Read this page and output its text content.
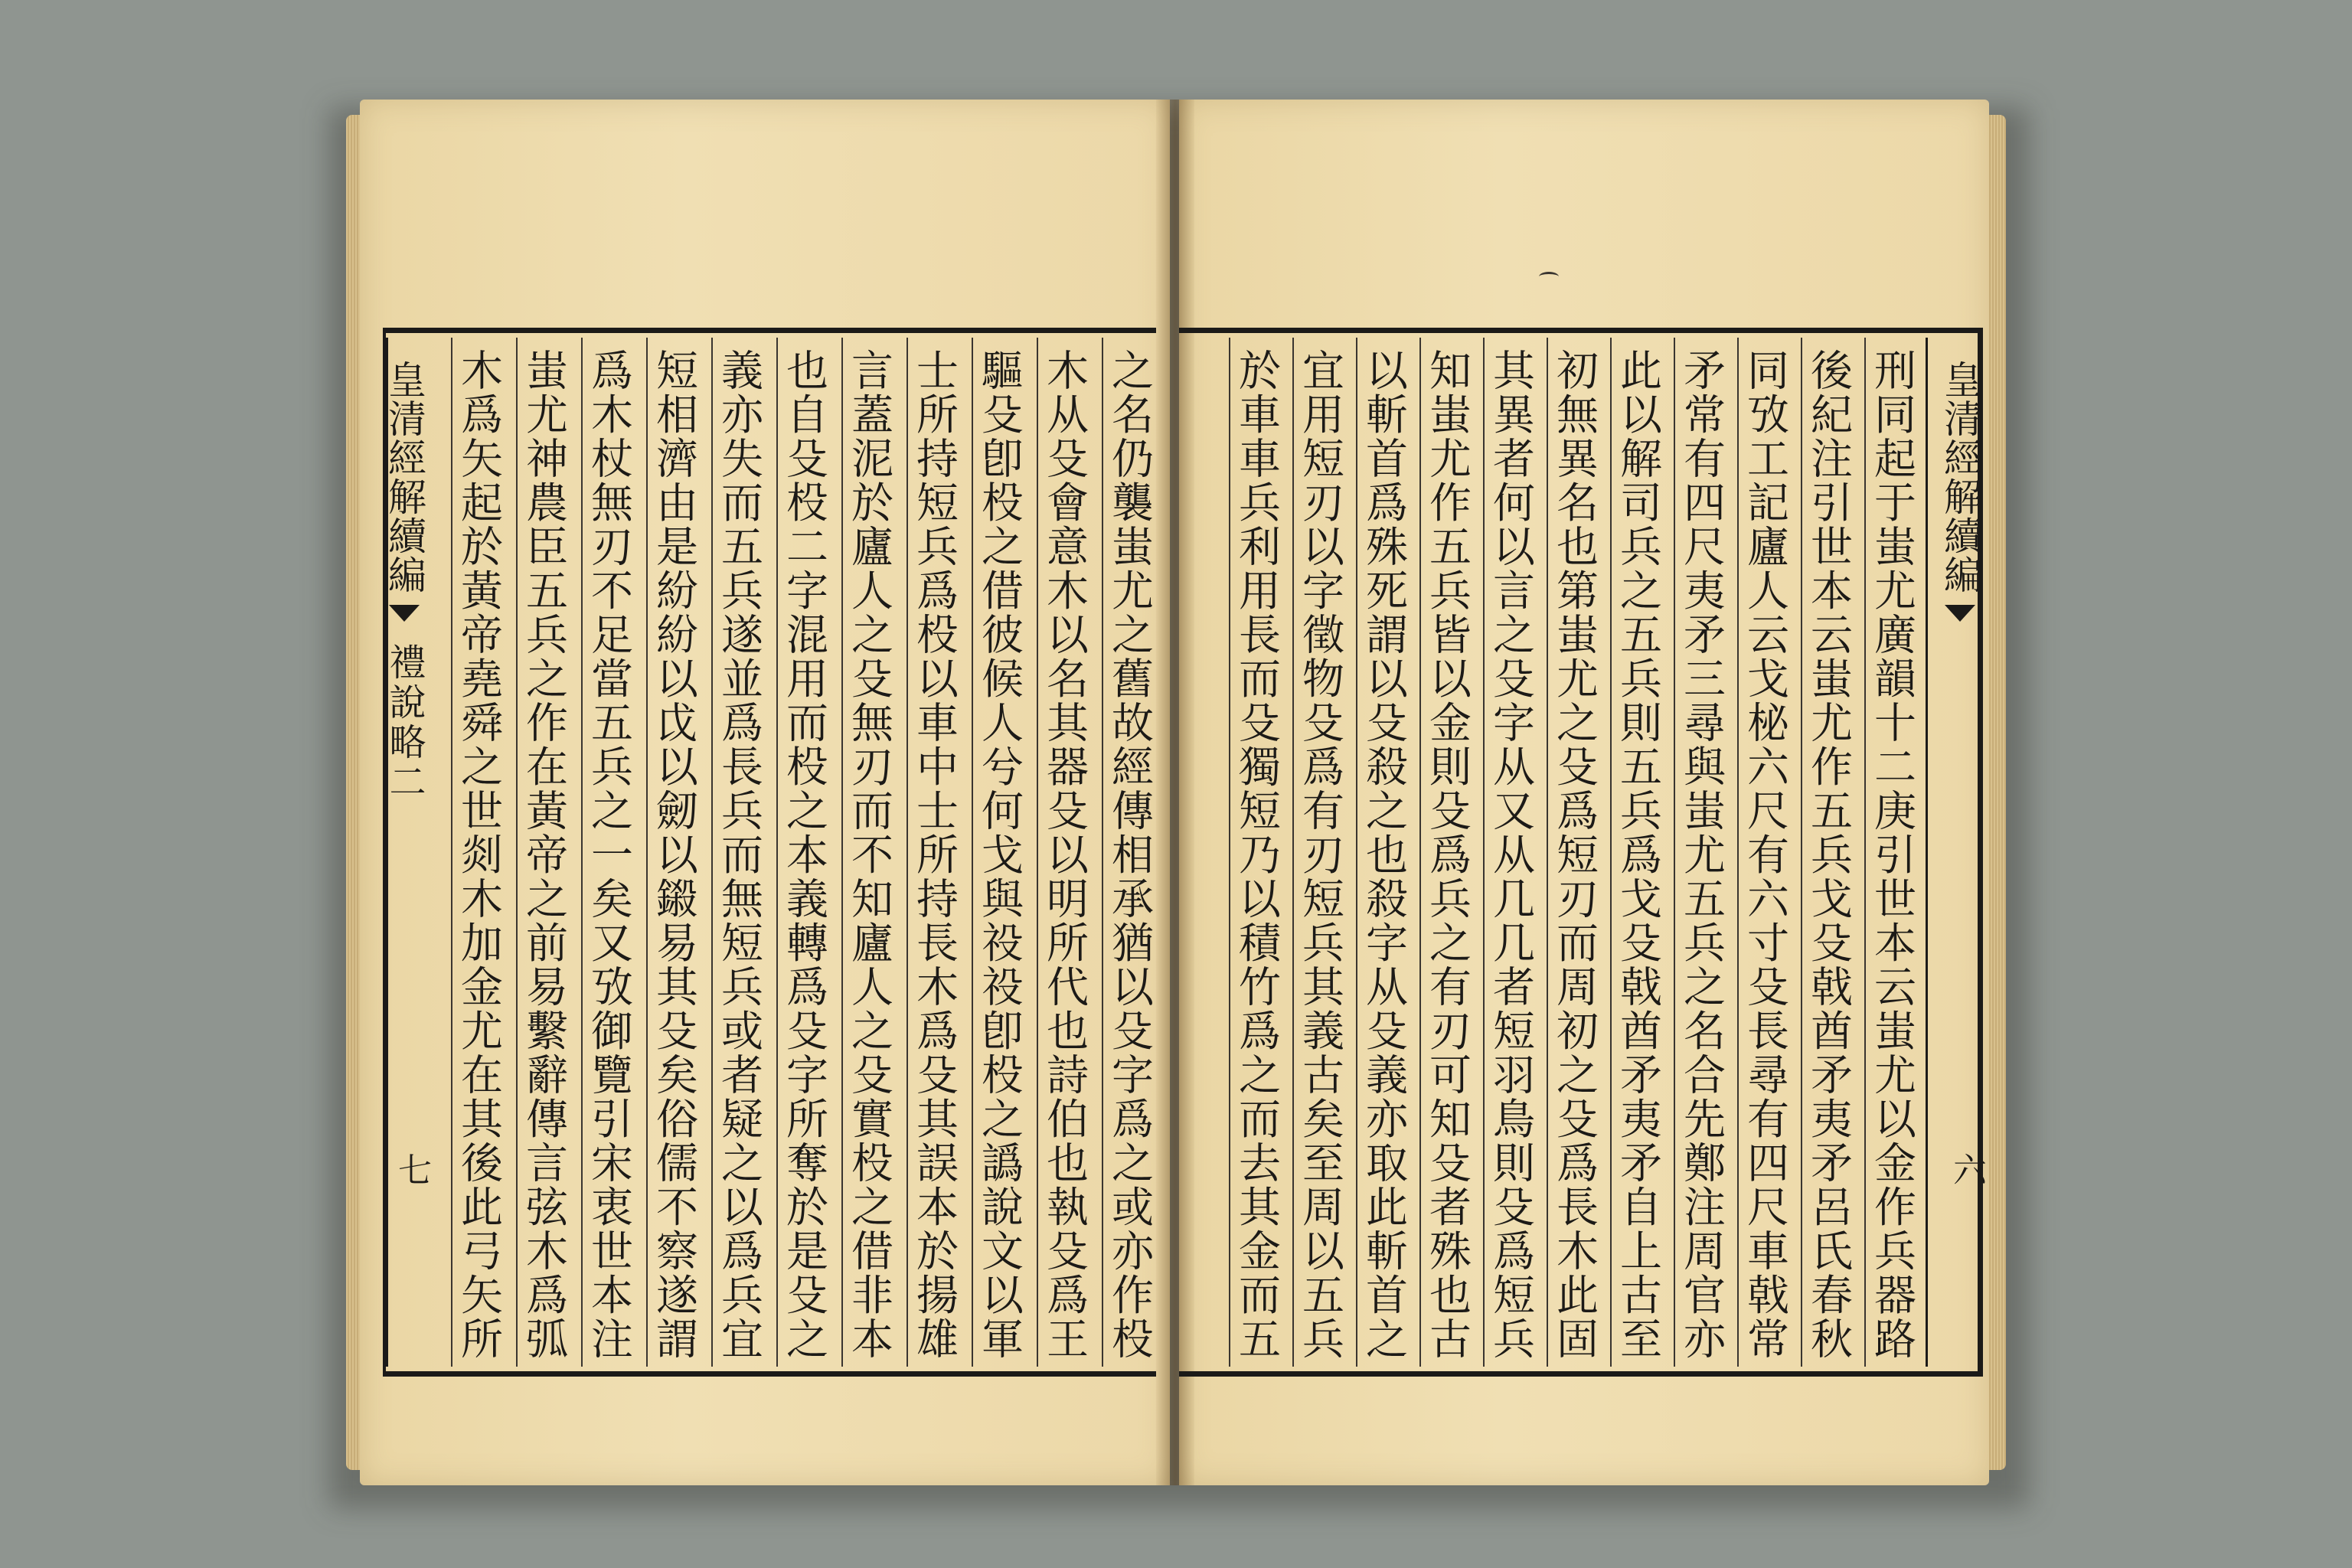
之名仍襲蚩尤之舊故經傳相承猶以殳字爲之或亦作杸
木从殳會意木以名其器殳以明所代也詩伯也執殳爲王
驅殳卽杸之借彼候人兮何戈與祋祋卽杸之譌說文以軍
士所持短兵爲杸以車中士所持長木爲殳其誤本於揚雄
言蓋泥於廬人之殳無刃而不知廬人之殳實杸之借非本
也自殳杸二字混用而杸之本義轉爲殳字所奪於是殳之
義亦失而五兵遂並爲長兵而無短兵或者疑之以爲兵宜
短相濟由是紛紛以戉以劒以鎩易其殳矣俗儒不察遂謂
爲木杖無刃不足當五兵之一矣又攷御覽引宋衷世本注
蚩尤神農臣五兵之作在黃帝之前易繫辭傳言弦木爲弧
木爲矢起於黃帝堯舜之世剡木加金尤在其後此弓矢所
皇清經解續編
禮說略二
七
刑同起于蚩尤廣韻十二庚引世本云蚩尤以金作兵器路
後紀注引世本云蚩尤作五兵戈殳戟酋矛夷矛呂氏春秋
同攷工記廬人云戈柲六尺有六寸殳長尋有四尺車戟常
矛常有四尺夷矛三尋與蚩尤五兵之名合先鄭注周官亦
此以解司兵之五兵則五兵爲戈殳戟酋矛夷矛自上古至
初無異名也第蚩尤之殳爲短刃而周初之殳爲長木此固
其異者何以言之殳字从又从几几者短羽鳥則殳爲短兵
知蚩尤作五兵皆以金則殳爲兵之有刃可知殳者殊也古
以斬首爲殊死謂以殳殺之也殺字从殳義亦取此斬首之
宜用短刃以字徵物殳爲有刃短兵其義古矣至周以五兵
於車車兵利用長而殳獨短乃以積竹爲之而去其金而五
皇清經解續編
六
